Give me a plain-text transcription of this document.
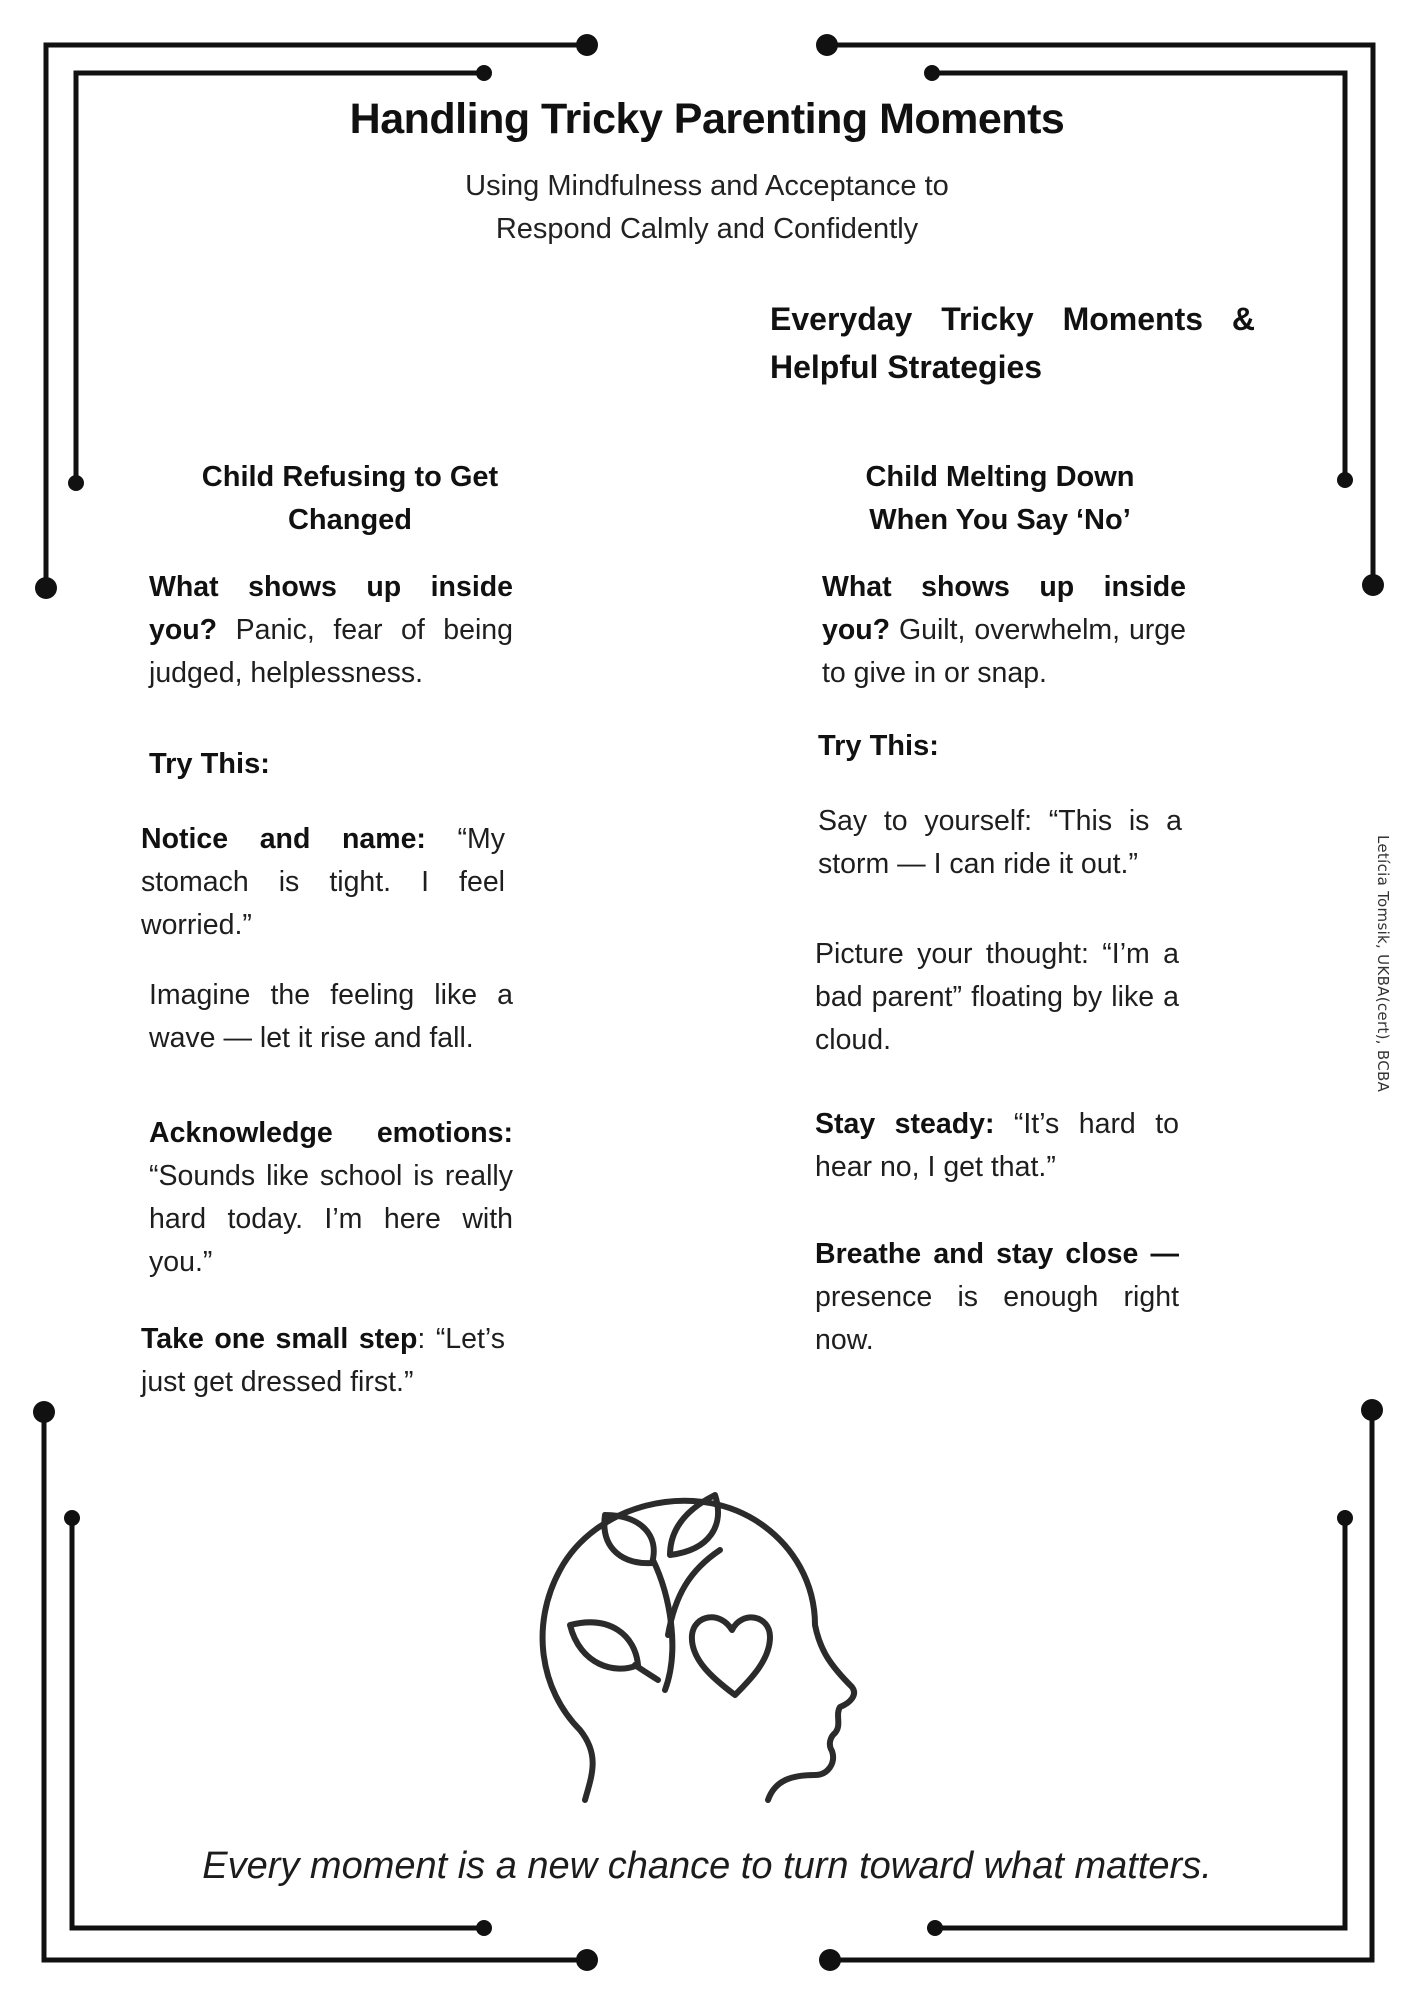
Handling Tricky Parenting Moments
Using Mindfulness and Acceptance to
Respond Calmly and Confidently
Everyday Tricky Moments & Helpful Strategies
Child Refusing to Get Changed

What shows up inside you? Panic, fear of being judged, helplessness.

Try This:

Notice and name: “My stomach is tight. I feel worried.”

Imagine the feeling like a wave — let it rise and fall.

Acknowledge emotions: “Sounds like school is really hard today. I’m here with you.”

Take one small step: “Let’s just get dressed first.”

Child Melting Down When You Say ‘No’

What shows up inside you? Guilt, overwhelm, urge to give in or snap.

Try This:

Say to yourself: “This is a storm — I can ride it out.”

Picture your thought: “I’m a bad parent” floating by like a cloud.

Stay steady: “It’s hard to hear no, I get that.”

Breathe and stay close — presence is enough right now.

Letícia Tomsik, UKBA(cert), BCBA
Every moment is a new chance to turn toward what matters.
